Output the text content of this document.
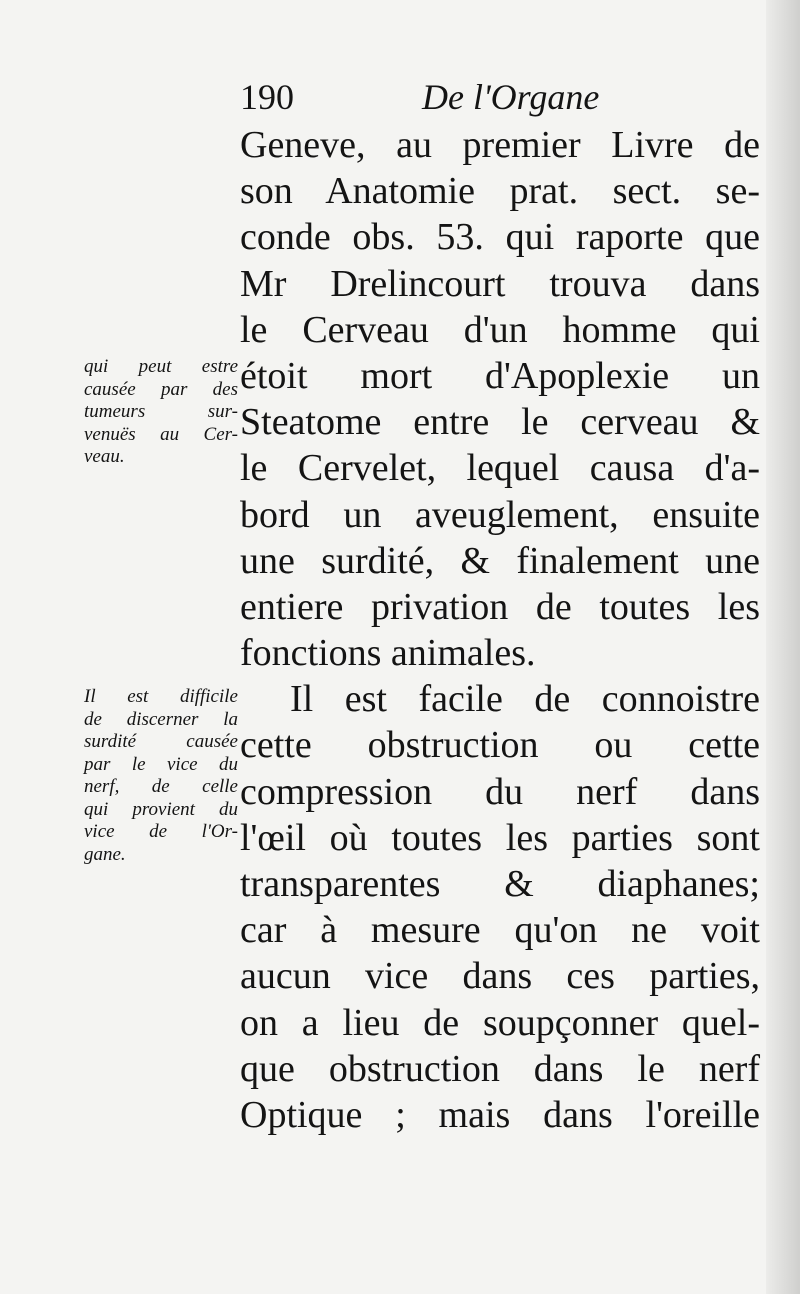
190	De l'Organe
Geneve, au premier Livre de
son Anatomie prat. sect. se-
conde obs. 53. qui raporte que
Mr Drelincourt trouva dans
le Cerveau d'un homme qui
étoit mort d'Apoplexie un
Steatome entre le cerveau &
le Cervelet, lequel causa d'a-
bord un aveuglement, ensuite
une surdité, & finalement une
entiere privation de toutes les
fonctions animales.
Il est facile de connoistre
cette obstruction ou cette
compression du nerf dans
l'œil où toutes les parties sont
transparentes & diaphanes;
car à mesure qu'on ne voit
aucun vice dans ces parties,
on a lieu de soupçonner quel-
que obstruction dans le nerf
Optique ; mais dans l'oreille
qui peut estre
causée par des
tumeurs sur-
venuës au Cer-
veau.
Il est difficile
de discerner la
surdité causée
par le vice du
nerf, de celle
qui provient du
vice de l'Or-
gane.
